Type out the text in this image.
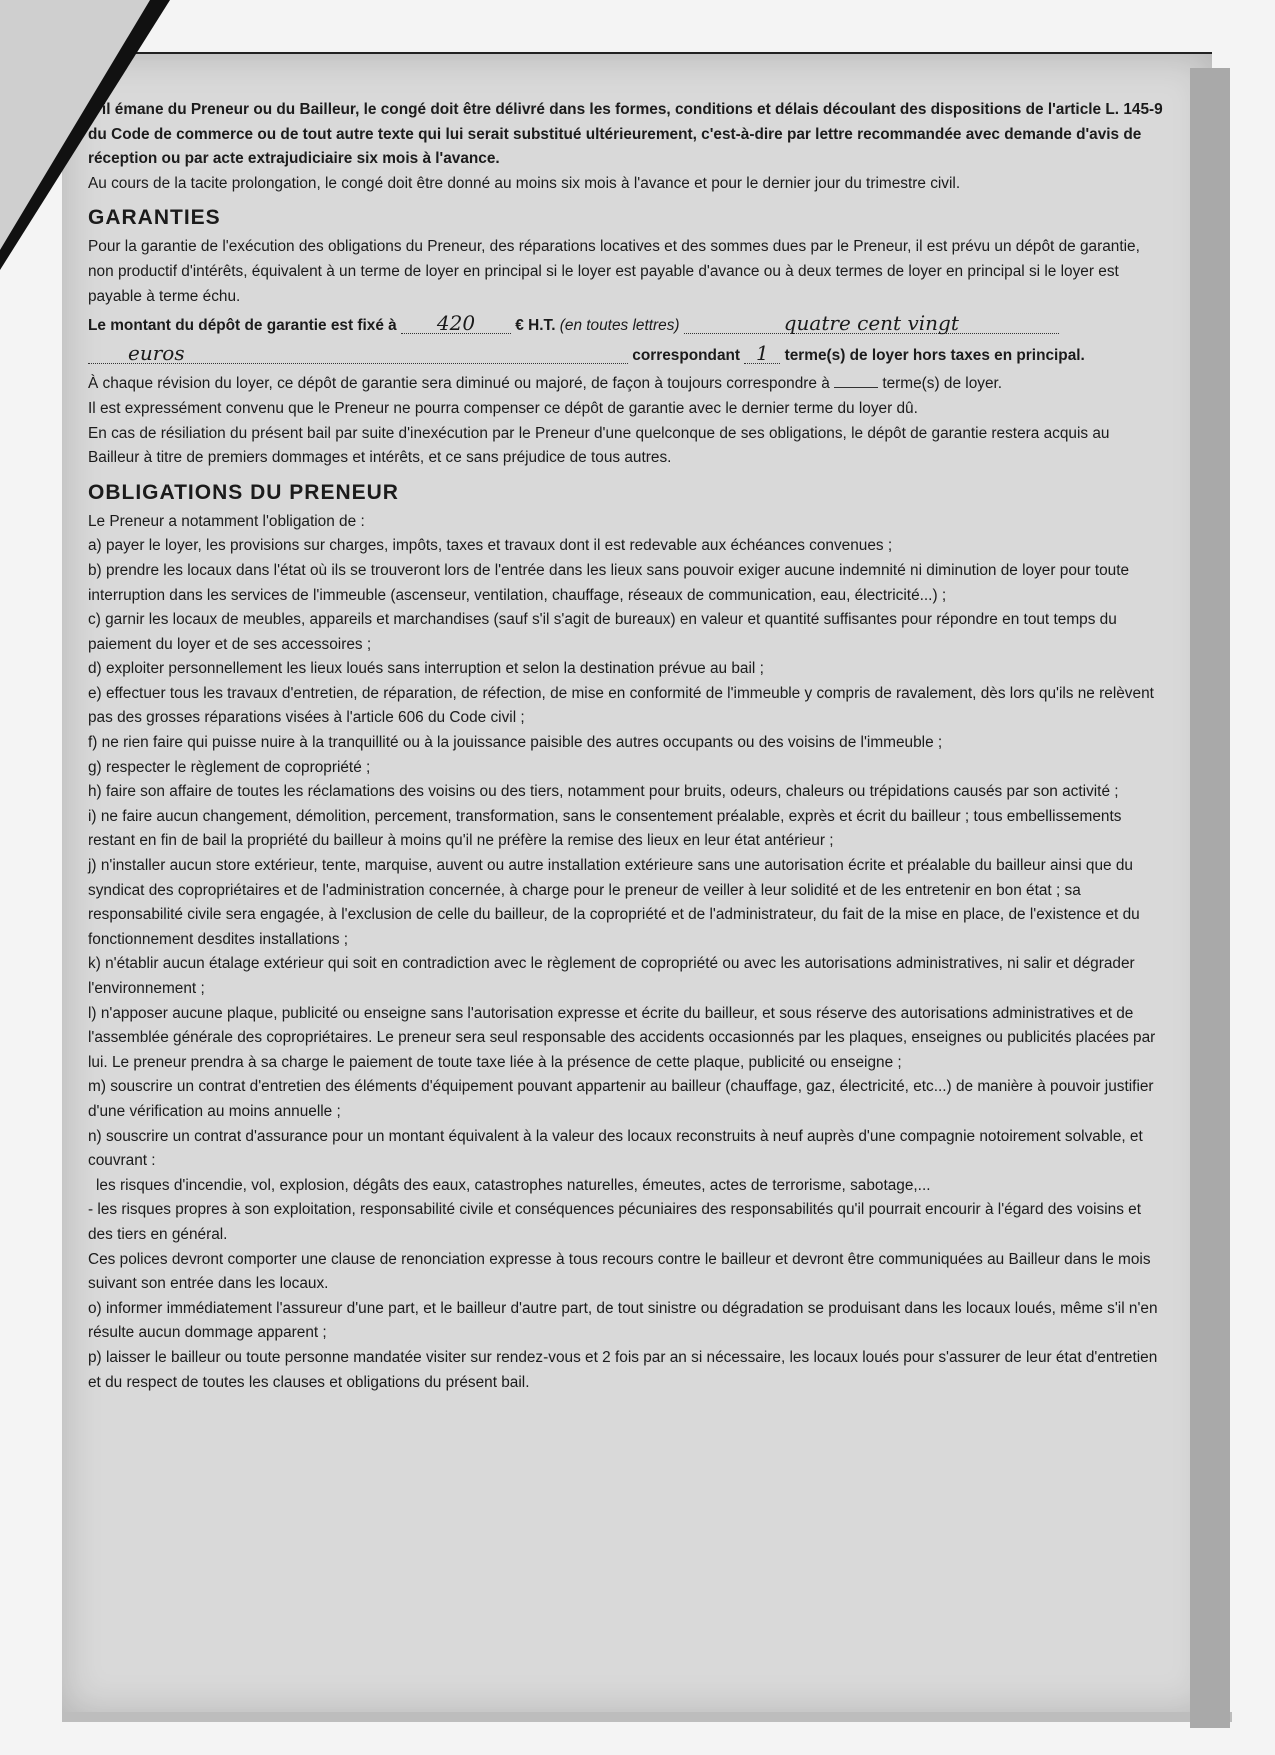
S'il émane du Preneur ou du Bailleur, le congé doit être délivré dans les formes, conditions et délais découlant des dispositions de l'article L. 145-9 du Code de commerce ou de tout autre texte qui lui serait substitué ultérieurement, c'est-à-dire par lettre recommandée avec demande d'avis de réception ou par acte extrajudiciaire six mois à l'avance.

Au cours de la tacite prolongation, le congé doit être donné au moins six mois à l'avance et pour le dernier jour du trimestre civil.

GARANTIES

Pour la garantie de l'exécution des obligations du Preneur, des réparations locatives et des sommes dues par le Preneur, il est prévu un dépôt de garantie, non productif d'intérêts, équivalent à un terme de loyer en principal si le loyer est payable d'avance ou à deux termes de loyer en principal si le loyer est payable à terme échu.

Le montant du dépôt de garantie est fixé à 420	€ H.T. (en toutes lettres)	quatre cent vingt

euros	correspondant 1 terme(s) de loyer hors taxes en principal.

À chaque révision du loyer, ce dépôt de garantie sera diminué ou majoré, de façon à toujours correspondre à	terme(s) de loyer.

Il est expressément convenu que le Preneur ne pourra compenser ce dépôt de garantie avec le dernier terme du loyer dû.

En cas de résiliation du présent bail par suite d'inexécution par le Preneur d'une quelconque de ses obligations, le dépôt de garantie restera acquis au Bailleur à titre de premiers dommages et intérêts, et ce sans préjudice de tous autres.

OBLIGATIONS DU PRENEUR

Le Preneur a notamment l'obligation de :

a) payer le loyer, les provisions sur charges, impôts, taxes et travaux dont il est redevable aux échéances convenues ;

b) prendre les locaux dans l'état où ils se trouveront lors de l'entrée dans les lieux sans pouvoir exiger aucune indemnité ni diminution de loyer pour toute interruption dans les services de l'immeuble (ascenseur, ventilation, chauffage, réseaux de communication, eau, électricité...) ;

c) garnir les locaux de meubles, appareils et marchandises (sauf s'il s'agit de bureaux) en valeur et quantité suffisantes pour répondre en tout temps du paiement du loyer et de ses accessoires ;

d) exploiter personnellement les lieux loués sans interruption et selon la destination prévue au bail ;

e) effectuer tous les travaux d'entretien, de réparation, de réfection, de mise en conformité de l'immeuble y compris de ravalement, dès lors qu'ils ne relèvent pas des grosses réparations visées à l'article 606 du Code civil ;

f) ne rien faire qui puisse nuire à la tranquillité ou à la jouissance paisible des autres occupants ou des voisins de l'immeuble ;

g) respecter le règlement de copropriété ;

h) faire son affaire de toutes les réclamations des voisins ou des tiers, notamment pour bruits, odeurs, chaleurs ou trépidations causés par son activité ;

i) ne faire aucun changement, démolition, percement, transformation, sans le consentement préalable, exprès et écrit du bailleur ; tous embellissements restant en fin de bail la propriété du bailleur à moins qu'il ne préfère la remise des lieux en leur état antérieur ;

j) n'installer aucun store extérieur, tente, marquise, auvent ou autre installation extérieure sans une autorisation écrite et préalable du bailleur ainsi que du syndicat des copropriétaires et de l'administration concernée, à charge pour le preneur de veiller à leur solidité et de les entretenir en bon état ; sa responsabilité civile sera engagée, à l'exclusion de celle du bailleur, de la copropriété et de l'administrateur, du fait de la mise en place, de l'existence et du fonctionnement desdites installations ;

k) n'établir aucun étalage extérieur qui soit en contradiction avec le règlement de copropriété ou avec les autorisations administratives, ni salir et dégrader l'environnement ;

l) n'apposer aucune plaque, publicité ou enseigne sans l'autorisation expresse et écrite du bailleur, et sous réserve des autorisations administratives et de l'assemblée générale des copropriétaires. Le preneur sera seul responsable des accidents occasionnés par les plaques, enseignes ou publicités placées par lui. Le preneur prendra à sa charge le paiement de toute taxe liée à la présence de cette plaque, publicité ou enseigne ;

m) souscrire un contrat d'entretien des éléments d'équipement pouvant appartenir au bailleur (chauffage, gaz, électricité, etc...) de manière à pouvoir justifier d'une vérification au moins annuelle ;

n) souscrire un contrat d'assurance pour un montant équivalent à la valeur des locaux reconstruits à neuf auprès d'une compagnie notoirement solvable, et couvrant :

les risques d'incendie, vol, explosion, dégâts des eaux, catastrophes naturelles, émeutes, actes de terrorisme, sabotage,...

- les risques propres à son exploitation, responsabilité civile et conséquences pécuniaires des responsabilités qu'il pourrait encourir à l'égard des voisins et des tiers en général.

Ces polices devront comporter une clause de renonciation expresse à tous recours contre le bailleur et devront être communiquées au Bailleur dans le mois suivant son entrée dans les locaux.

o) informer immédiatement l'assureur d'une part, et le bailleur d'autre part, de tout sinistre ou dégradation se produisant dans les locaux loués, même s'il n'en résulte aucun dommage apparent ;

p) laisser le bailleur ou toute personne mandatée visiter sur rendez-vous et 2 fois par an si nécessaire, les locaux loués pour s'assurer de leur état d'entretien et du respect de toutes les clauses et obligations du présent bail.
